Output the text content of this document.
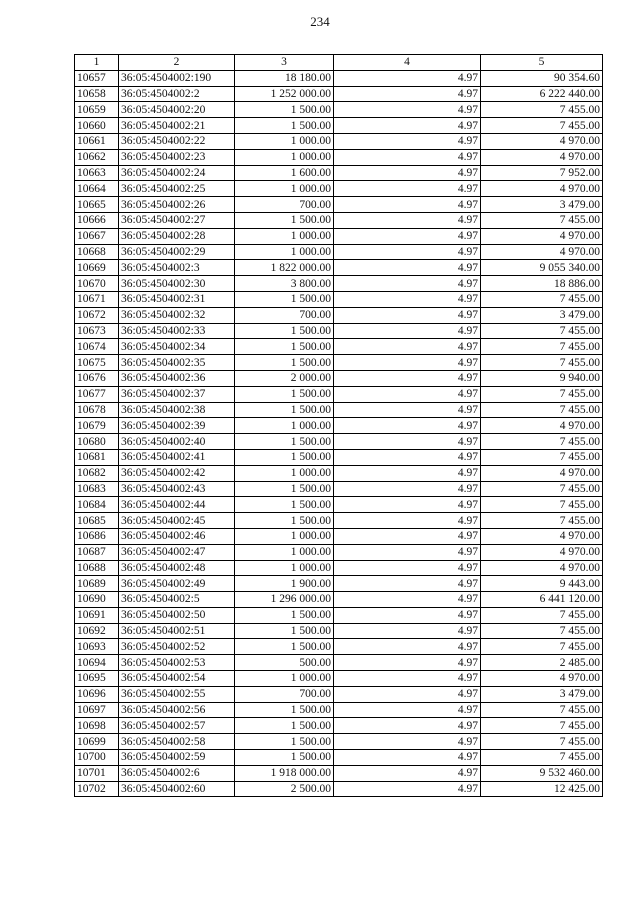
234
1	2	3	4	5
10657	36:05:4504002:190	18 180.00	4.97	90 354.60
10658	36:05:4504002:2	1 252 000.00	4.97	6 222 440.00
10659	36:05:4504002:20	1 500.00	4.97	7 455.00
10660	36:05:4504002:21	1 500.00	4.97	7 455.00
10661	36:05:4504002:22	1 000.00	4.97	4 970.00
10662	36:05:4504002:23	1 000.00	4.97	4 970.00
10663	36:05:4504002:24	1 600.00	4.97	7 952.00
10664	36:05:4504002:25	1 000.00	4.97	4 970.00
10665	36:05:4504002:26	700.00	4.97	3 479.00
10666	36:05:4504002:27	1 500.00	4.97	7 455.00
10667	36:05:4504002:28	1 000.00	4.97	4 970.00
10668	36:05:4504002:29	1 000.00	4.97	4 970.00
10669	36:05:4504002:3	1 822 000.00	4.97	9 055 340.00
10670	36:05:4504002:30	3 800.00	4.97	18 886.00
10671	36:05:4504002:31	1 500.00	4.97	7 455.00
10672	36:05:4504002:32	700.00	4.97	3 479.00
10673	36:05:4504002:33	1 500.00	4.97	7 455.00
10674	36:05:4504002:34	1 500.00	4.97	7 455.00
10675	36:05:4504002:35	1 500.00	4.97	7 455.00
10676	36:05:4504002:36	2 000.00	4.97	9 940.00
10677	36:05:4504002:37	1 500.00	4.97	7 455.00
10678	36:05:4504002:38	1 500.00	4.97	7 455.00
10679	36:05:4504002:39	1 000.00	4.97	4 970.00
10680	36:05:4504002:40	1 500.00	4.97	7 455.00
10681	36:05:4504002:41	1 500.00	4.97	7 455.00
10682	36:05:4504002:42	1 000.00	4.97	4 970.00
10683	36:05:4504002:43	1 500.00	4.97	7 455.00
10684	36:05:4504002:44	1 500.00	4.97	7 455.00
10685	36:05:4504002:45	1 500.00	4.97	7 455.00
10686	36:05:4504002:46	1 000.00	4.97	4 970.00
10687	36:05:4504002:47	1 000.00	4.97	4 970.00
10688	36:05:4504002:48	1 000.00	4.97	4 970.00
10689	36:05:4504002:49	1 900.00	4.97	9 443.00
10690	36:05:4504002:5	1 296 000.00	4.97	6 441 120.00
10691	36:05:4504002:50	1 500.00	4.97	7 455.00
10692	36:05:4504002:51	1 500.00	4.97	7 455.00
10693	36:05:4504002:52	1 500.00	4.97	7 455.00
10694	36:05:4504002:53	500.00	4.97	2 485.00
10695	36:05:4504002:54	1 000.00	4.97	4 970.00
10696	36:05:4504002:55	700.00	4.97	3 479.00
10697	36:05:4504002:56	1 500.00	4.97	7 455.00
10698	36:05:4504002:57	1 500.00	4.97	7 455.00
10699	36:05:4504002:58	1 500.00	4.97	7 455.00
10700	36:05:4504002:59	1 500.00	4.97	7 455.00
10701	36:05:4504002:6	1 918 000.00	4.97	9 532 460.00
10702	36:05:4504002:60	2 500.00	4.97	12 425.00
